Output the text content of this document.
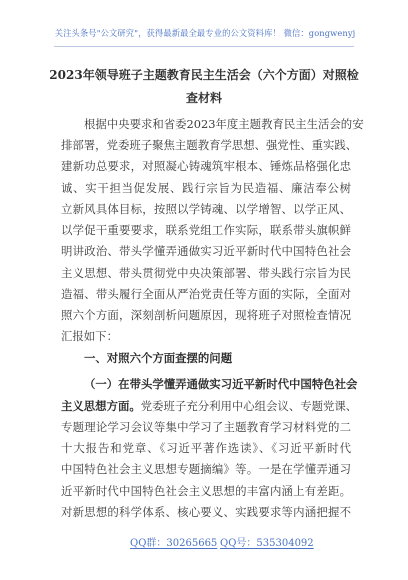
关注头条号"公文研究"，获得最新最全最专业的公文资料库！ 微信：gongwenyj
2023年领导班子主题教育民主生活会（六个方面）对照检
查材料
根据中央要求和省委2023年度主题教育民主生活会的安
排部署，党委班子聚焦主题教育学思想、强党性、重实践、
建新功总要求，对照凝心铸魂筑牢根本、锤炼品格强化忠
诚、实干担当促发展、践行宗旨为民造福、廉洁奉公树
立新风具体目标，按照以学铸魂、以学增智、以学正风、
以学促干重要要求，联系党组工作实际，联系带头旗帜鲜
明讲政治、带头学懂弄通做实习近平新时代中国特色社会
主义思想、带头贯彻党中央决策部署、带头践行宗旨为民
造福、带头履行全面从严治党责任等方面的实际，全面对
照六个方面，深刻剖析问题原因，现将班子对照检查情况
汇报如下：
一、对照六个方面查摆的问题
（一）在带头学懂弄通做实习近平新时代中国特色社会
主义思想方面。党委班子充分利用中心组会议、专题党课、
专题理论学习会议等集中学习了主题教育学习材料党的二
十大报告和党章、《习近平著作选读》、《习近平新时代
中国特色社会主义思想专题摘编》等。一是在学懂弄通习
近平新时代中国特色社会主义思想的丰富内涵上有差距。
对新思想的科学体系、核心要义、实践要求等内涵把握不
QQ群：30265665 QQ号：535304092
